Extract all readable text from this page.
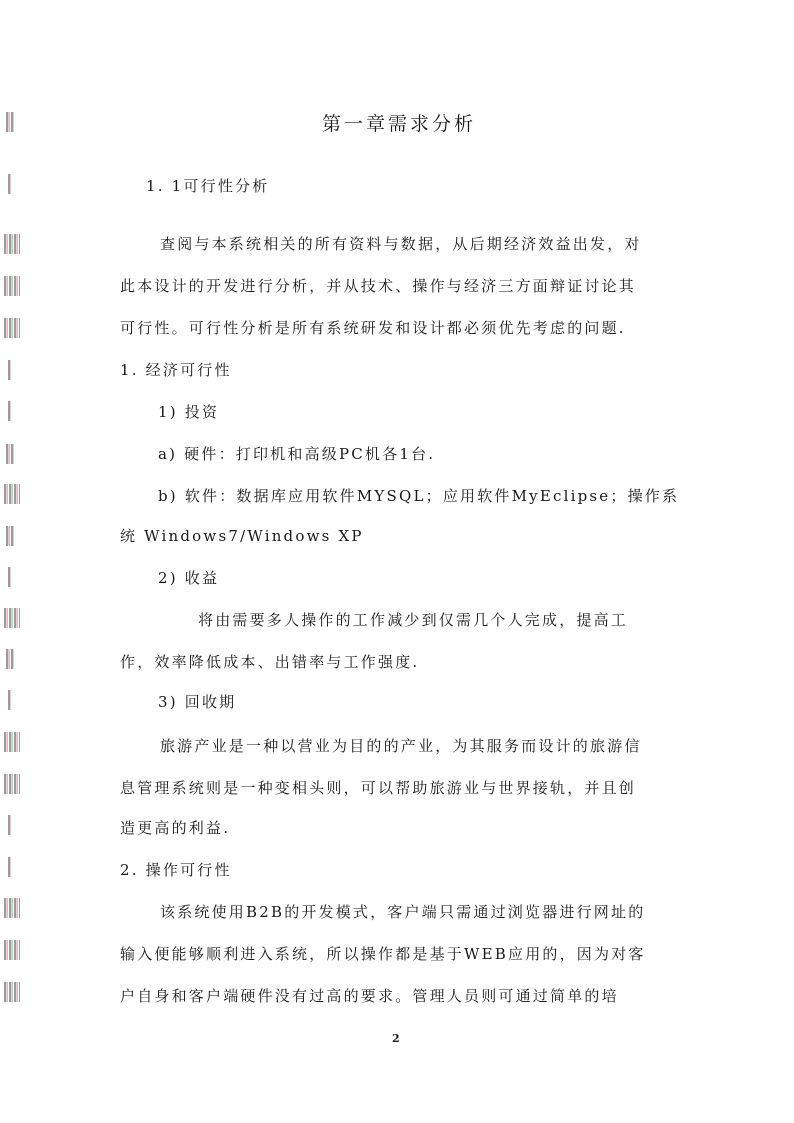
第一章需求分析
1. 1可行性分析
查阅与本系统相关的所有资料与数据，从后期经济效益出发，对
此本设计的开发进行分析，并从技术、操作与经济三方面辩证讨论其
可行性。可行性分析是所有系统研发和设计都必须优先考虑的问题.
1. 经济可行性
1) 投资
a) 硬件：打印机和高级PC机各1台.
b) 软件：数据库应用软件MYSQL；应用软件MyEclipse；操作系
统 Windows7/Windows XP
2) 收益
将由需要多人操作的工作减少到仅需几个人完成，提高工
作，效率降低成本、出错率与工作强度.
3) 回收期
旅游产业是一种以营业为目的的产业，为其服务而设计的旅游信
息管理系统则是一种变相头则，可以帮助旅游业与世界接轨，并且创
造更高的利益.
2. 操作可行性
该系统使用B2B的开发模式，客户端只需通过浏览器进行网址的
输入便能够顺利进入系统，所以操作都是基于WEB应用的，因为对客
户自身和客户端硬件没有过高的要求。管理人员则可通过简单的培
2
